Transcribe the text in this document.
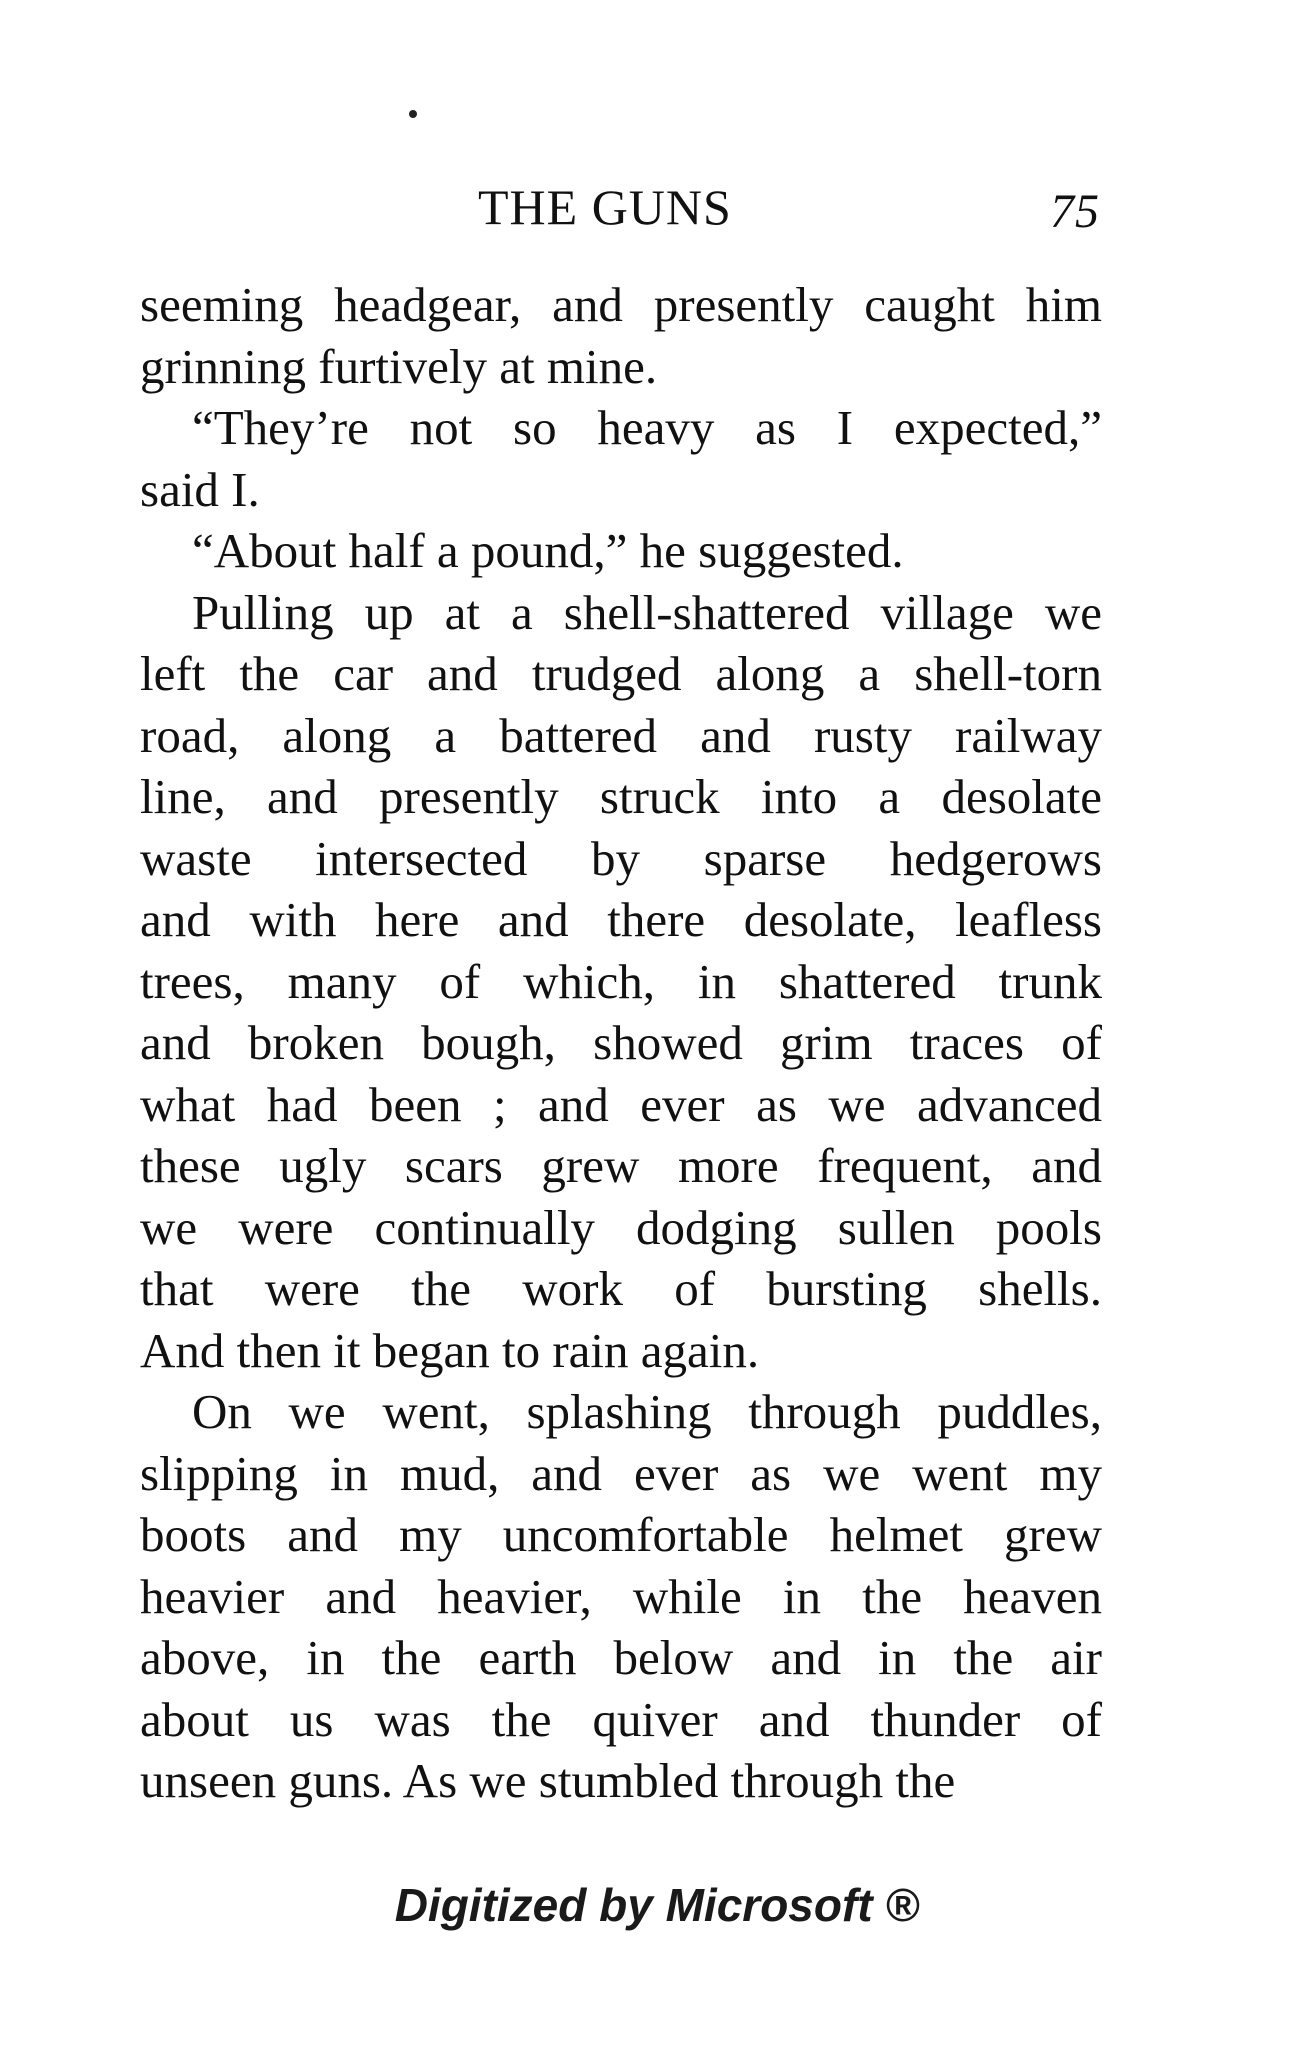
THE GUNS	75

seeming headgear, and presently caught him
grinning furtively at mine.

“They’re not so heavy as I expected,”
said I.

“About half a pound,” he suggested.

Pulling up at a shell-shattered village we
left the car and trudged along a shell-torn
road, along a battered and rusty railway
line, and presently struck into a desolate
waste intersected by sparse hedgerows
and with here and there desolate, leafless
trees, many of which, in shattered trunk
and broken bough, showed grim traces of
what had been ; and ever as we advanced
these ugly scars grew more frequent, and
we were continually dodging sullen pools
that were the work of bursting shells.
And then it began to rain again.

On we went, splashing through puddles,
slipping in mud, and ever as we went my
boots and my uncomfortable helmet grew
heavier and heavier, while in the heaven
above, in the earth below and in the air
about us was the quiver and thunder of
unseen guns. As we stumbled through the

Digitized by Microsoft ®
